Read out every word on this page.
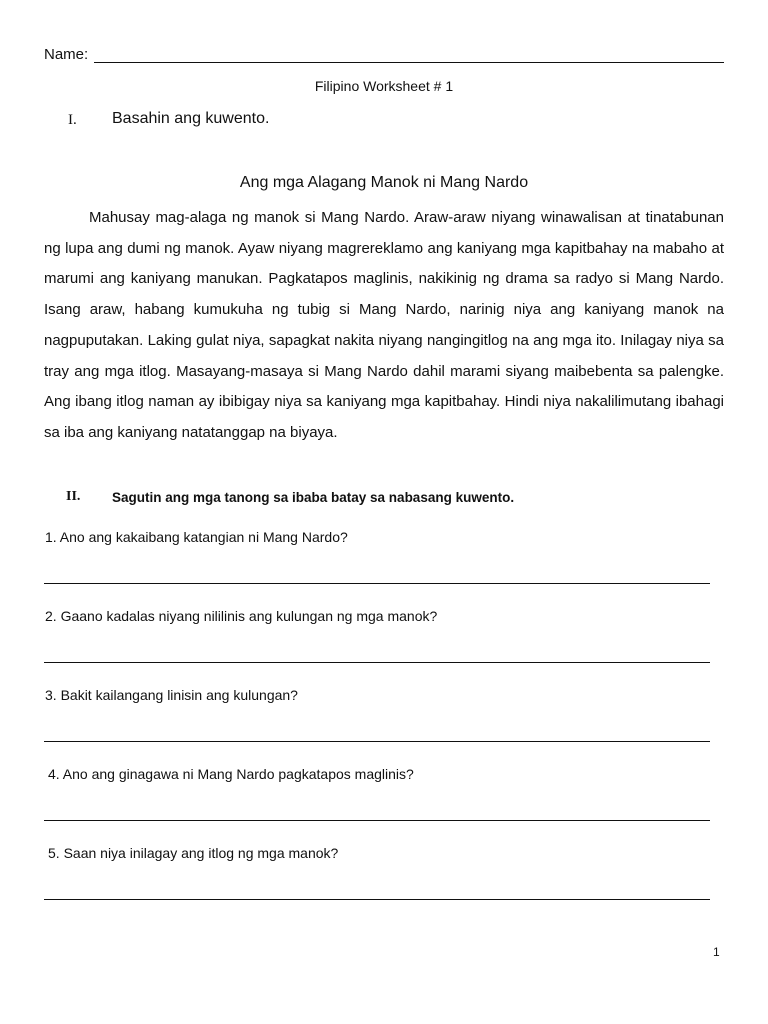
Name:
Filipino Worksheet # 1
I. Basahin ang kuwento.
Ang mga Alagang Manok ni Mang Nardo

Mahusay mag-alaga ng manok si Mang Nardo. Araw-araw niyang winawalisan at tinatabunan ng lupa ang dumi ng manok. Ayaw niyang magrereklamo ang kaniyang mga kapitbahay na mabaho at marumi ang kaniyang manukan. Pagkatapos maglinis, nakikinig ng drama sa radyo si Mang Nardo. Isang araw, habang kumukuha ng tubig si Mang Nardo, narinig niya ang kaniyang manok na nagpuputakan. Laking gulat niya, sapagkat nakita niyang nangingitlog na ang mga ito. Inilagay niya sa tray ang mga itlog. Masayang-masaya si Mang Nardo dahil marami siyang maibebenta sa palengke. Ang ibang itlog naman ay ibibigay niya sa kaniyang mga kapitbahay. Hindi niya nakalilimutang ibahagi sa iba ang kaniyang natatanggap na biyaya.

II. Sagutin ang mga tanong sa ibaba batay sa nabasang kuwento.
1. Ano ang kakaibang katangian ni Mang Nardo?
2. Gaano kadalas niyang nililinis ang kulungan ng mga manok?
3. Bakit kailangang linisin ang kulungan?
4. Ano ang ginagawa ni Mang Nardo pagkatapos maglinis?
5. Saan niya inilagay ang itlog ng mga manok?
1
